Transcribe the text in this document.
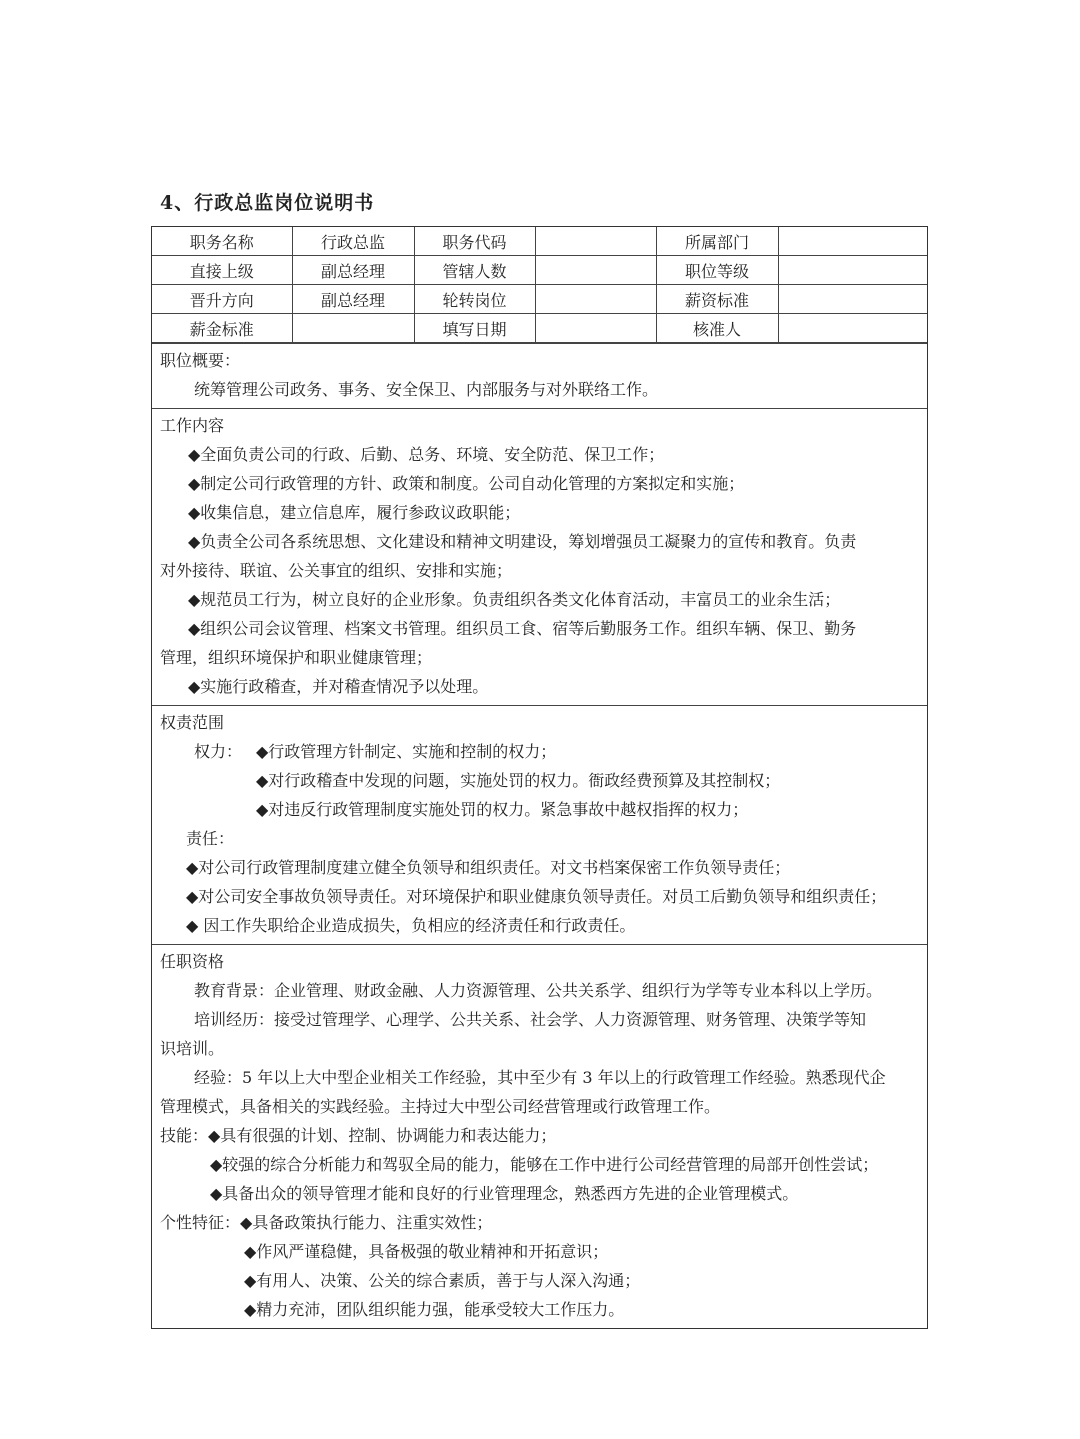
4、行政总监岗位说明书
职务名称	行政总监	职务代码		所属部门	
直接上级	副总经理	管辖人数		职位等级	
晋升方向	副总经理	轮转岗位		薪资标准	
薪金标准		填写日期		核准人	
职位概要：
统筹管理公司政务、事务、安全保卫、内部服务与对外联络工作。
工作内容
◆全面负责公司的行政、后勤、总务、环境、安全防范、保卫工作；
◆制定公司行政管理的方针、政策和制度。公司自动化管理的方案拟定和实施；
◆收集信息，建立信息库，履行参政议政职能；
◆负责全公司各系统思想、文化建设和精神文明建设，筹划增强员工凝聚力的宣传和教育。负责
对外接待、联谊、公关事宜的组织、安排和实施；
◆规范员工行为，树立良好的企业形象。负责组织各类文化体育活动，丰富员工的业余生活；
◆组织公司会议管理、档案文书管理。组织员工食、宿等后勤服务工作。组织车辆、保卫、勤务
管理，组织环境保护和职业健康管理；
◆实施行政稽查，并对稽查情况予以处理。
权责范围
权力： ◆行政管理方针制定、实施和控制的权力；
◆对行政稽查中发现的问题，实施处罚的权力。衙政经费预算及其控制权；
◆对违反行政管理制度实施处罚的权力。紧急事故中越权指挥的权力；
责任：
◆对公司行政管理制度建立健全负领导和组织责任。对文书档案保密工作负领导责任；
◆对公司安全事故负领导责任。对环境保护和职业健康负领导责任。对员工后勤负领导和组织责任；
◆ 因工作失职给企业造成损失，负相应的经济责任和行政责任。
任职资格
教育背景：企业管理、财政金融、人力资源管理、公共关系学、组织行为学等专业本科以上学历。
培训经历：接受过管理学、心理学、公共关系、社会学、人力资源管理、财务管理、决策学等知
识培训。
经验：5 年以上大中型企业相关工作经验，其中至少有 3 年以上的行政管理工作经验。熟悉现代企
管理模式，具备相关的实践经验。主持过大中型公司经营管理或行政管理工作。
技能：◆具有很强的计划、控制、协调能力和表达能力；
◆较强的综合分析能力和驾驭全局的能力，能够在工作中进行公司经营管理的局部开创性尝试；
◆具备出众的领导管理才能和良好的行业管理理念，熟悉西方先进的企业管理模式。
个性特征：◆具备政策执行能力、注重实效性；
◆作风严谨稳健，具备极强的敬业精神和开拓意识；
◆有用人、决策、公关的综合素质，善于与人深入沟通；
◆精力充沛，团队组织能力强，能承受较大工作压力。
